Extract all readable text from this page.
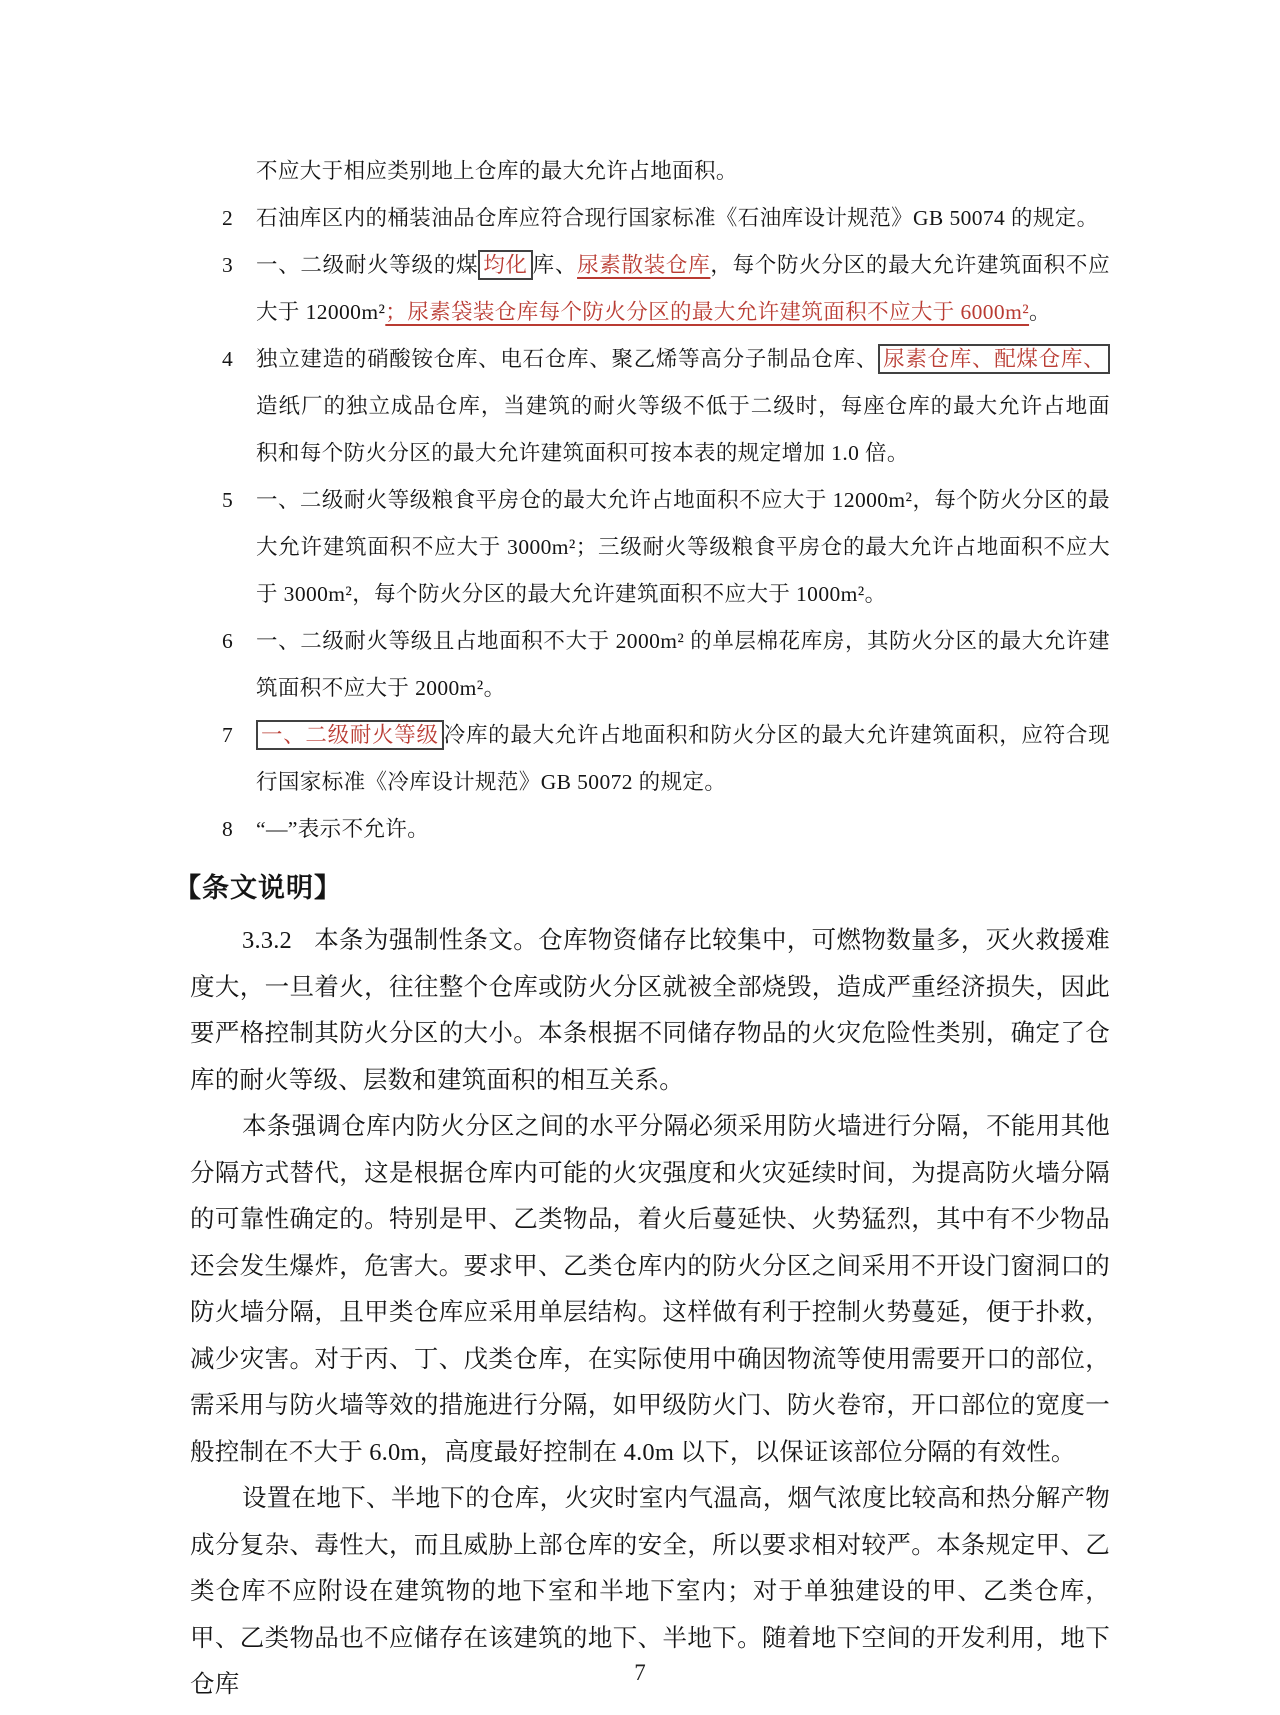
不应大于相应类别地上仓库的最大允许占地面积。
2 石油库区内的桶装油品仓库应符合现行国家标准《石油库设计规范》GB 50074 的规定。
3 一、二级耐火等级的煤 均化 库、尿素散装仓库，每个防火分区的最大允许建筑面积不应大于 12000m²；尿素袋装仓库每个防火分区的最大允许建筑面积不应大于 6000m²。
4 独立建造的硝酸铵仓库、电石仓库、聚乙烯等高分子制品仓库、 尿素仓库、配煤仓库、造纸厂的独立成品仓库，当建筑的耐火等级不低于二级时，每座仓库的最大允许占地面积和每个防火分区的最大允许建筑面积可按本表的规定增加 1.0 倍。
5 一、二级耐火等级粮食平房仓的最大允许占地面积不应大于 12000m²，每个防火分区的最大允许建筑面积不应大于 3000m²；三级耐火等级粮食平房仓的最大允许占地面积不应大于 3000m²，每个防火分区的最大允许建筑面积不应大于 1000m²。
6 一、二级耐火等级且占地面积不大于 2000m² 的单层棉花库房，其防火分区的最大允许建筑面积不应大于 2000m²。
7 一、二级耐火等级 冷库的最大允许占地面积和防火分区的最大允许建筑面积，应符合现行国家标准《冷库设计规范》GB 50072 的规定。
8 “—”表示不允许。
【条文说明】

3.3.2 本条为强制性条文。仓库物资储存比较集中，可燃物数量多，灭火救援难度大，一旦着火，往往整个仓库或防火分区就被全部烧毁，造成严重经济损失，因此要严格控制其防火分区的大小。本条根据不同储存物品的火灾危险性类别，确定了仓库的耐火等级、层数和建筑面积的相互关系。

本条强调仓库内防火分区之间的水平分隔必须采用防火墙进行分隔，不能用其他分隔方式替代，这是根据仓库内可能的火灾强度和火灾延续时间，为提高防火墙分隔的可靠性确定的。特别是甲、乙类物品，着火后蔓延快、火势猛烈，其中有不少物品还会发生爆炸，危害大。要求甲、乙类仓库内的防火分区之间采用不开设门窗洞口的防火墙分隔，且甲类仓库应采用单层结构。这样做有利于控制火势蔓延，便于扑救，减少灾害。对于丙、丁、戊类仓库，在实际使用中确因物流等使用需要开口的部位，需采用与防火墙等效的措施进行分隔，如甲级防火门、防火卷帘，开口部位的宽度一般控制在不大于 6.0m，高度最好控制在 4.0m 以下，以保证该部位分隔的有效性。

设置在地下、半地下的仓库，火灾时室内气温高，烟气浓度比较高和热分解产物成分复杂、毒性大，而且威胁上部仓库的安全，所以要求相对较严。本条规定甲、乙类仓库不应附设在建筑物的地下室和半地下室内；对于单独建设的甲、乙类仓库，甲、乙类物品也不应储存在该建筑的地下、半地下。随着地下空间的开发利用，地下仓库	7
